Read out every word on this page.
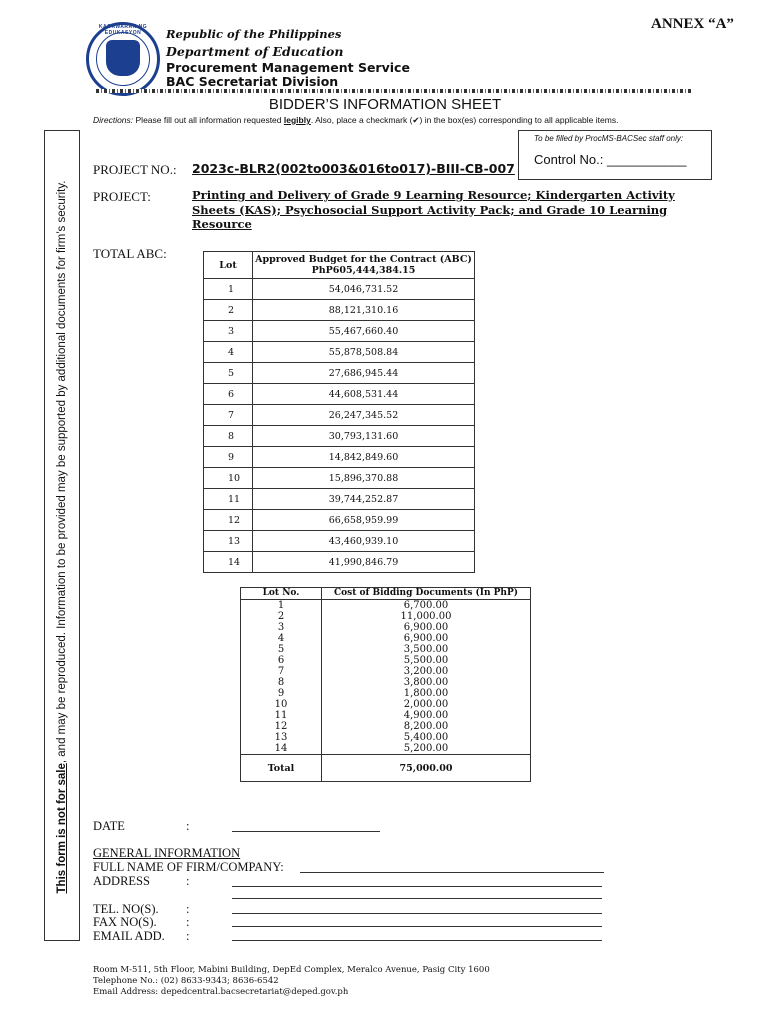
ANNEX “A”
KAGAWARAN NG EDUKASYON	Republic of the Philippines
Department of Education
Procurement Management Service
BAC Secretariat Division
BIDDER’S INFORMATION SHEET
Directions: Please fill out all information requested legibly. Also, place a checkmark (✔) in the box(es) corresponding to all applicable items.
To be filled by ProcMS-BACSec staff only:
Control No.: ___________
This form is not for sale, and may be reproduced. Information to be provided may be supported by additional documents for firm’s security.
PROJECT NO.: 2023c-BLR2(002to003&016to017)-BIII-CB-007
PROJECT:	Printing and Delivery of Grade 9 Learning Resource; Kindergarten Activity Sheets (KAS); Psychosocial Support Activity Pack; and Grade 10 Learning Resource
TOTAL ABC:
Lot	Approved Budget for the Contract (ABC)
PhP605,444,384.15
1	54,046,731.52
2	88,121,310.16
3	55,467,660.40
4	55,878,508.84
5	27,686,945.44
6	44,608,531.44
7	26,247,345.52
8	30,793,131.60
9	14,842,849.60
10	15,896,370.88
11	39,744,252.87
12	66,658,959.99
13	43,460,939.10
14	41,990,846.79
Lot No.	Cost of Bidding Documents (In PhP)
1	6,700.00
2	11,000.00
3	6,900.00
4	6,900.00
5	3,500.00
6	5,500.00
7	3,200.00
8	3,800.00
9	1,800.00
10	2,000.00
11	4,900.00
12	8,200.00
13	5,400.00
14	5,200.00
Total	75,000.00
DATE	:
GENERAL INFORMATION
FULL NAME OF FIRM/COMPANY:
ADDRESS	:
TEL. NO(S). :
FAX NO(S). :
EMAIL ADD. :
Room M-511, 5th Floor, Mabini Building, DepEd Complex, Meralco Avenue, Pasig City 1600
Telephone No.: (02) 8633-9343; 8636-6542
Email Address: depedcentral.bacsecretariat@deped.gov.ph
